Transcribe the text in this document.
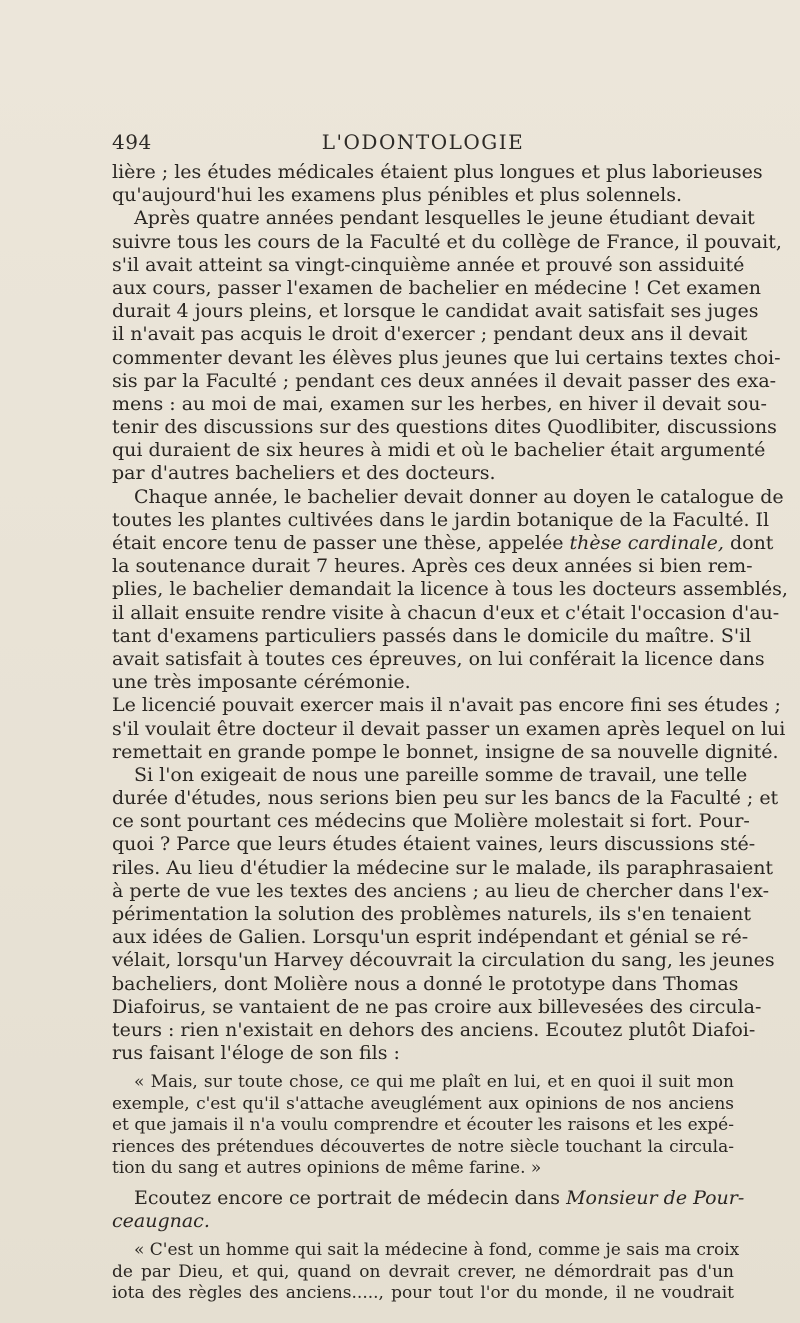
494	L'ODONTOLOGIE
lière ; les études médicales étaient plus longues et plus laborieuses
qu'aujourd'hui les examens plus pénibles et plus solennels.
Après quatre années pendant lesquelles le jeune étudiant devait
suivre tous les cours de la Faculté et du collège de France, il pouvait,
s'il avait atteint sa vingt-cinquième année et prouvé son assiduité
aux cours, passer l'examen de bachelier en médecine ! Cet examen
durait 4 jours pleins, et lorsque le candidat avait satisfait ses juges
il n'avait pas acquis le droit d'exercer ; pendant deux ans il devait
commenter devant les élèves plus jeunes que lui certains textes choi-
sis par la Faculté ; pendant ces deux années il devait passer des exa-
mens : au moi de mai, examen sur les herbes, en hiver il devait sou-
tenir des discussions sur des questions dites Quodlibiter, discussions
qui duraient de six heures à midi et où le bachelier était argumenté
par d'autres bacheliers et des docteurs.
Chaque année, le bachelier devait donner au doyen le catalogue de
toutes les plantes cultivées dans le jardin botanique de la Faculté. Il
était encore tenu de passer une thèse, appelée thèse cardinale, dont
la soutenance durait 7 heures. Après ces deux années si bien rem-
plies, le bachelier demandait la licence à tous les docteurs assemblés,
il allait ensuite rendre visite à chacun d'eux et c'était l'occasion d'au-
tant d'examens particuliers passés dans le domicile du maître. S'il
avait satisfait à toutes ces épreuves, on lui conférait la licence dans
une très imposante cérémonie.
Le licencié pouvait exercer mais il n'avait pas encore fini ses études ;
s'il voulait être docteur il devait passer un examen après lequel on lui
remettait en grande pompe le bonnet, insigne de sa nouvelle dignité.
Si l'on exigeait de nous une pareille somme de travail, une telle
durée d'études, nous serions bien peu sur les bancs de la Faculté ; et
ce sont pourtant ces médecins que Molière molestait si fort. Pour-
quoi ? Parce que leurs études étaient vaines, leurs discussions sté-
riles. Au lieu d'étudier la médecine sur le malade, ils paraphrasaient
à perte de vue les textes des anciens ; au lieu de chercher dans l'ex-
périmentation la solution des problèmes naturels, ils s'en tenaient
aux idées de Galien. Lorsqu'un esprit indépendant et génial se ré-
vélait, lorsqu'un Harvey découvrait la circulation du sang, les jeunes
bacheliers, dont Molière nous a donné le prototype dans Thomas
Diafoirus, se vantaient de ne pas croire aux billevesées des circula-
teurs : rien n'existait en dehors des anciens. Ecoutez plutôt Diafoi-
rus faisant l'éloge de son fils :
« Mais, sur toute chose, ce qui me plaît en lui, et en quoi il suit mon
exemple, c'est qu'il s'attache aveuglément aux opinions de nos anciens
et que jamais il n'a voulu comprendre et écouter les raisons et les expé-
riences des prétendues découvertes de notre siècle touchant la circula-
tion du sang et autres opinions de même farine. »
Ecoutez encore ce portrait de médecin dans Monsieur de Pour-
ceaugnac.
« C'est un homme qui sait la médecine à fond, comme je sais ma croix
de par Dieu, et qui, quand on devrait crever, ne démordrait pas d'un
iota des règles des anciens....., pour tout l'or du monde, il ne voudrait
